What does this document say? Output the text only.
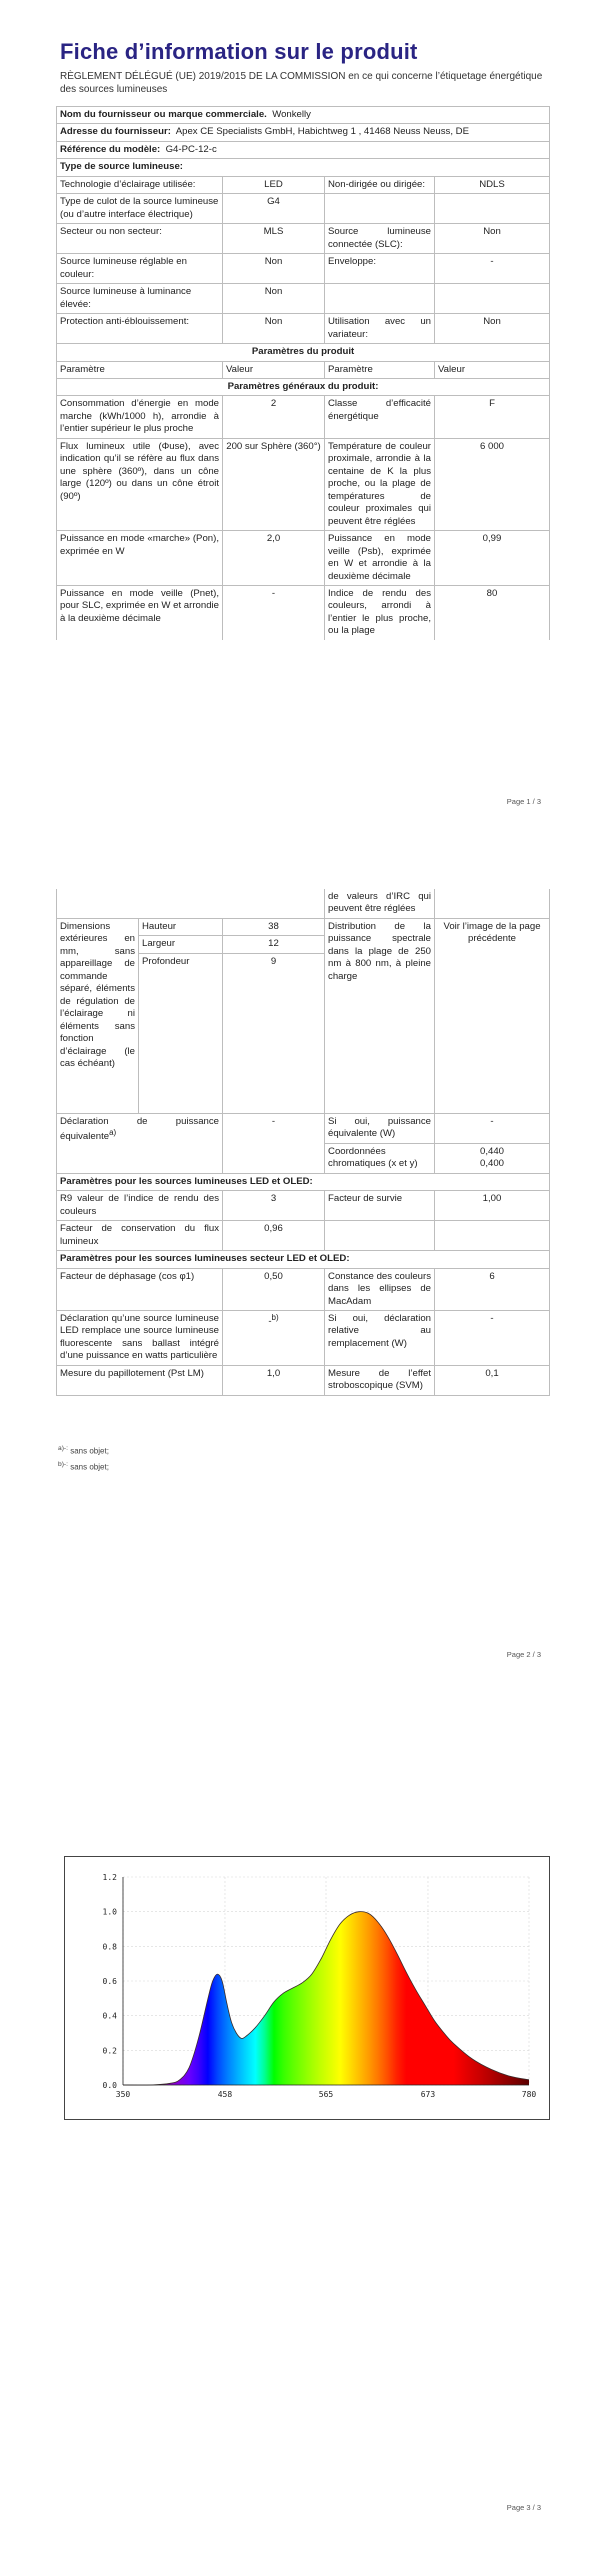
Fiche d’information sur le produit
RÈGLEMENT DÉLÉGUÉ (UE) 2019/2015 DE LA COMMISSION en ce qui concerne l’étiquetage énergétique des sources lumineuses
Nom du fournisseur ou marque commerciale. Wonkelly			
Adresse du fournisseur: Apex CE Specialists GmbH, Habichtweg 1 , 41468 Neuss Neuss, DE			
Référence du modèle: G4-PC-12-c			
Type de source lumineuse:			
Technologie d’éclairage utilisée:	LED	Non-dirigée ou dirigée:	NDLS
Type de culot de la source lumineuse
(ou d’autre interface électrique)	G4		
Secteur ou non secteur:	MLS	Source lumineuse connectée (SLC):	Non
Source lumineuse réglable en couleur:	Non	Enveloppe:	-
Source lumineuse à luminance élevée:	Non		
Protection anti-éblouissement:	Non	Utilisation avec un variateur:	Non
Paramètres du produit			
Paramètre	Valeur	Paramètre	Valeur
Paramètres généraux du produit:			
Consommation d’énergie en mode marche (kWh/1000 h), arrondie à l’entier supérieur le plus proche	2	Classe d’efficacité énergétique	F
Flux lumineux utile (Φuse), avec indication qu’il se réfère au flux dans une sphère (360º), dans un cône large (120º) ou dans un cône étroit (90º)	200 sur Sphère (360°)	Température de couleur proximale, arrondie à la centaine de K la plus proche, ou la plage de températures de couleur proximales qui peuvent être réglées	6 000
Puissance en mode «marche» (Pon), exprimée en W	2,0	Puissance en mode veille (Psb), exprimée en W et arrondie à la deuxième décimale	0,99
Puissance en mode veille (Pnet), pour SLC, exprimée en W et arrondie à la deuxième décimale	-	Indice de rendu des couleurs, arrondi à l’entier le plus proche, ou la plage	80
Page 1 / 3
			de valeurs d’IRC qui peuvent être réglées	
Dimensions extérieures en mm, sans appareillage de commande séparé, éléments de régulation de l’éclairage ni éléments sans fonction d’éclairage (le cas échéant)	Hauteur	38	Distribution de la puissance spectrale dans la plage de 250 nm à 800 nm, à pleine charge	Voir l’image de la page précédente
	Largeur	12		
	Profondeur	9		
Déclaration de puissance équivalente$^{a)}$		-	Si oui, puissance équivalente (W)	-
			Coordonnées chromatiques (x et y)	0,440
0,400
Paramètres pour les sources lumineuses LED et OLED:				
R9 valeur de l’indice de rendu des couleurs		3	Facteur de survie	1,00
Facteur de conservation du flux lumineux		0,96		
Paramètres pour les sources lumineuses secteur LED et OLED:				
Facteur de déphasage (cos φ1)		0,50	Constance des couleurs dans les ellipses de MacAdam	6
Déclaration qu’une source lumineuse LED remplace une source lumineuse fluorescente sans ballast intégré d’une puissance en watts particulière		-$^{b)}$	Si oui, déclaration relative au remplacement (W)	-
Mesure du papillotement (Pst LM)		1,0	Mesure de l’effet stroboscopique (SVM)	0,1
$^{a)-:}$ sans objet;
$^{b)-:}$ sans objet;
Page 2 / 3
Page 3 / 3
0.0
0.2
0.4
0.6
0.8
1.0
1.2
350	458	565	673	780
